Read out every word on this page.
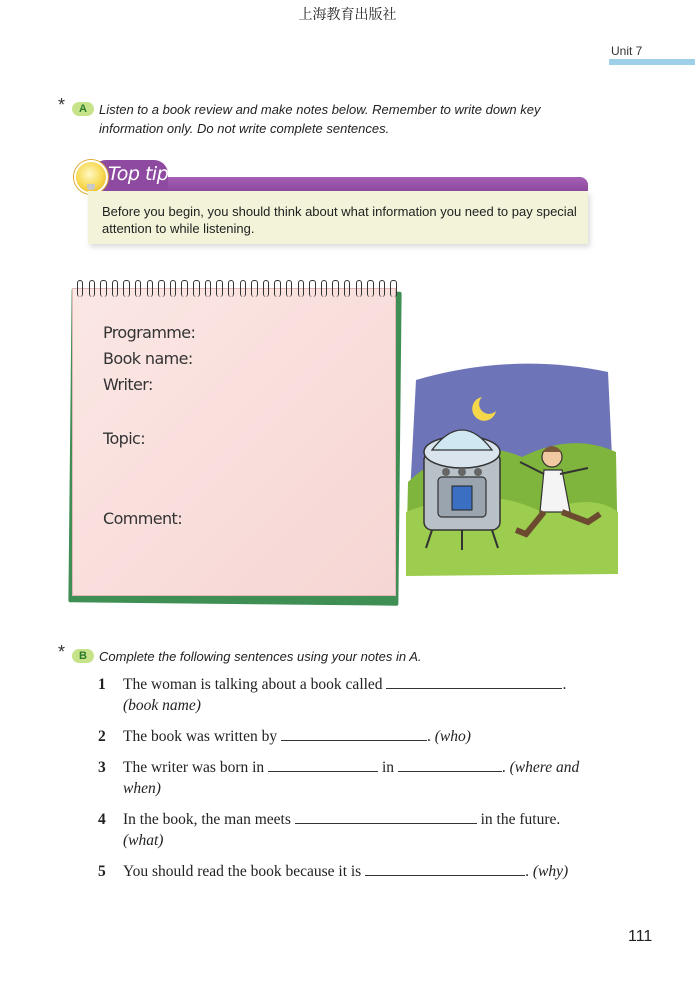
上海教育出版社
Unit 7
*	A Listen to a book review and make notes below. Remember to write down key information only. Do not write complete sentences.
Top tip
Before you begin, you should think about what information you need to pay special attention to while listening.
Programme:
Book name:
Writer:
Topic:
Comment:
*	B Complete the following sentences using your notes in A.
1 The woman is talking about a book called	.
(book name)
2 The book was written by	. (who)
3 The writer was born in	in	. (where and when)
4 In the book, the man meets	in the future.
(what)
5 You should read the book because it is	. (why)
111
